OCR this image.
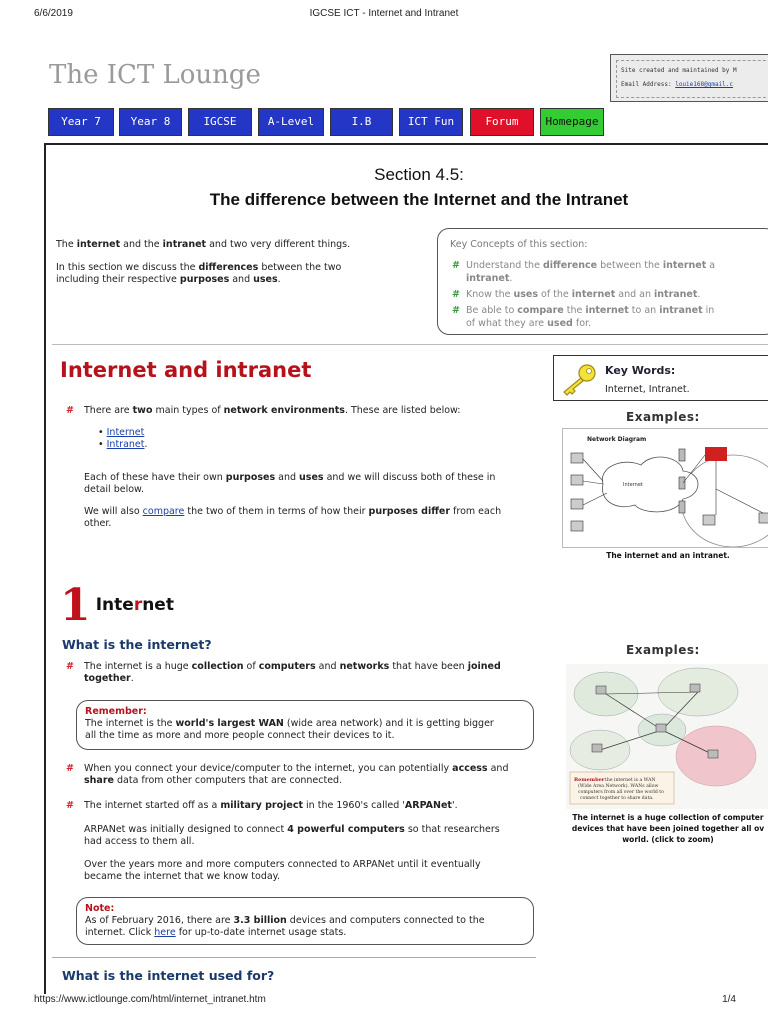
6/6/2019	IGCSE ICT - Internet and Intranet
The ICT Lounge	Site created and maintained by M
Email Address: louie168@gmail.c
Year 7	Year 8	IGCSE	A-Level	I.B	ICT Fun	Forum	Homepage
Section 4.5:
The difference between the Internet and the Intranet
The internet and the intranet and two very different things.
In this section we discuss the differences between the two
including their respective purposes and uses.
Key Concepts of this section:
# Understand the difference between the internet a
intranet.
# Know the uses of the internet and an intranet.
# Be able to compare the internet to an intranet in
of what they are used for.
Internet and intranet	Key Words:
Internet, Intranet.
Examples:
# There are two main types of network environments. These are listed below:
• Internet
• Intranet.
Each of these have their own purposes and uses and we will discuss both of these in
detail below.
We will also compare the two of them in terms of how their purposes differ from each
other.
Network Diagram
Internet
The internet and an intranet.
1 Internet
What is the internet?	Examples:
# The internet is a huge collection of computers and networks that have been joined
together.
Remember:
The internet is the world's largest WAN (wide area network) and it is getting bigger
all the time as more and more people connect their devices to it.
# When you connect your device/computer to the internet, you can potentially access and
share data from other computers that are connected.
# The internet started off as a military project in the 1960's called 'ARPANet'.
ARPANet was initially designed to connect 4 powerful computers so that researchers
had access to them all.
Over the years more and more computers connected to ARPANet until it eventually
became the internet that we know today.
Note:
As of February 2016, there are 3.3 billion devices and computers connected to the
internet. Click here for up-to-date internet usage stats.
What is the internet used for?
Remember
- the internet is a WAN (Wide Area Network). WANs allow computers from all over the world to connect together to share data.
The internet is a huge collection of computer
devices that have been joined together all ov
world. (click to zoom)
https://www.ictlounge.com/html/internet_intranet.htm	1/4
